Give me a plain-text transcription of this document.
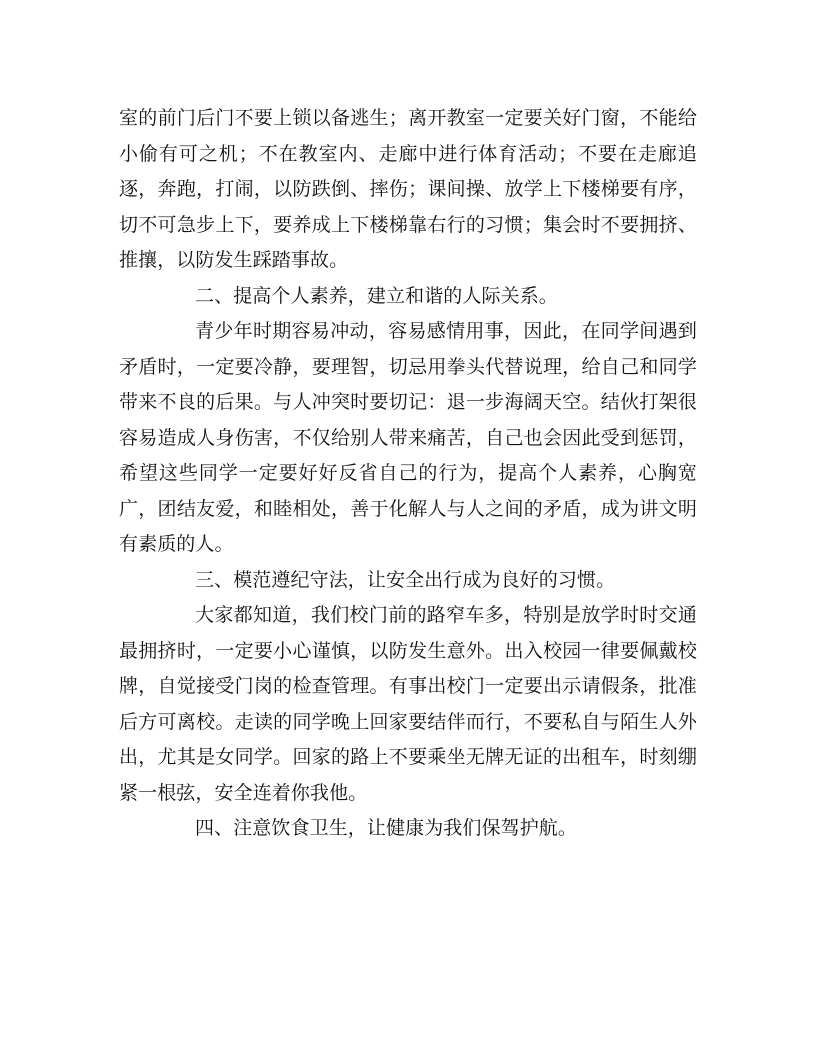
室的前门后门不要上锁以备逃生；离开教室一定要关好门窗，不能给小偷有可之机；不在教室内、走廊中进行体育活动；不要在走廊追逐，奔跑，打闹，以防跌倒、摔伤；课间操、放学上下楼梯要有序，切不可急步上下，要养成上下楼梯靠右行的习惯；集会时不要拥挤、推攘，以防发生踩踏事故。

二、提高个人素养，建立和谐的人际关系。

青少年时期容易冲动，容易感情用事，因此，在同学间遇到矛盾时，一定要冷静，要理智，切忌用拳头代替说理，给自己和同学带来不良的后果。与人冲突时要切记：退一步海阔天空。结伙打架很容易造成人身伤害，不仅给别人带来痛苦，自己也会因此受到惩罚，希望这些同学一定要好好反省自己的行为，提高个人素养，心胸宽广，团结友爱，和睦相处，善于化解人与人之间的矛盾，成为讲文明有素质的人。

三、模范遵纪守法，让安全出行成为良好的习惯。

大家都知道，我们校门前的路窄车多，特别是放学时时交通最拥挤时，一定要小心谨慎，以防发生意外。出入校园一律要佩戴校牌，自觉接受门岗的检查管理。有事出校门一定要出示请假条，批准后方可离校。走读的同学晚上回家要结伴而行，不要私自与陌生人外出，尤其是女同学。回家的路上不要乘坐无牌无证的出租车，时刻绷紧一根弦，安全连着你我他。

四、注意饮食卫生，让健康为我们保驾护航。
